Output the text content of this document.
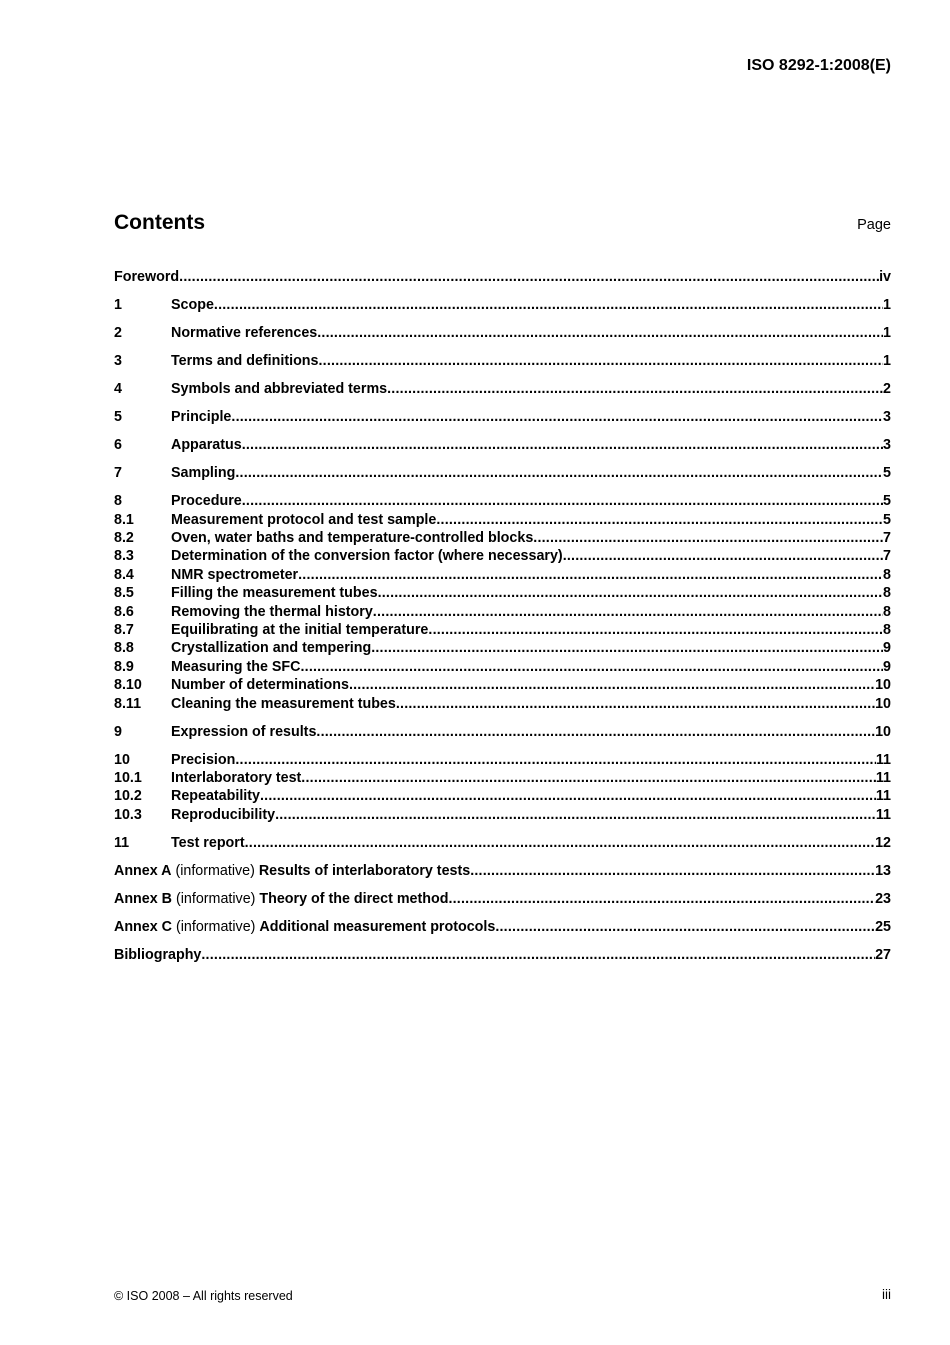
ISO 8292-1:2008(E)
Contents	Page
Foreword .....	iv
1	Scope .....	1
2	Normative references .....	1
3	Terms and definitions .....	1
4	Symbols and abbreviated terms .....	2
5	Principle .....	3
6	Apparatus .....	3
7	Sampling .....	5
8	Procedure .....	5
8.1	Measurement protocol and test sample .....	5
8.2	Oven, water baths and temperature-controlled blocks .....	7
8.3	Determination of the conversion factor (where necessary) .....	7
8.4	NMR spectrometer .....	8
8.5	Filling the measurement tubes .....	8
8.6	Removing the thermal history .....	8
8.7	Equilibrating at the initial temperature .....	8
8.8	Crystallization and tempering .....	9
8.9	Measuring the SFC .....	9
8.10	Number of determinations .....	10
8.11	Cleaning the measurement tubes .....	10
9	Expression of results .....	10
10	Precision .....	11
10.1	Interlaboratory test .....	11
10.2	Repeatability .....	11
10.3	Reproducibility .....	11
11	Test report .....	12
Annex A (informative) Results of interlaboratory tests .....	13
Annex B (informative) Theory of the direct method .....	23
Annex C (informative) Additional measurement protocols .....	25
Bibliography .....	27
© ISO 2008 – All rights reserved	iii
